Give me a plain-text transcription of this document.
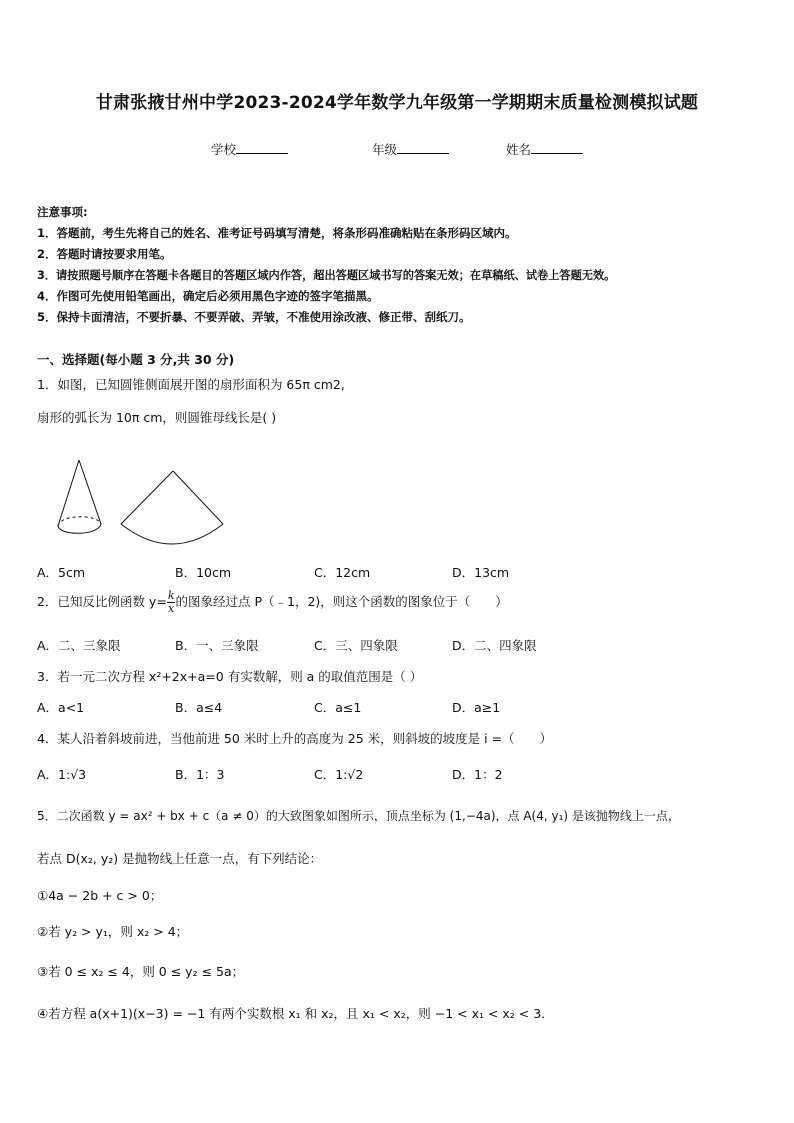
甘肃张掖甘州中学2023-2024学年数学九年级第一学期期末质量检测模拟试题
学校	年级	姓名
注意事项:
1．答题前，考生先将自己的姓名、准考证号码填写清楚，将条形码准确粘贴在条形码区域内。
2．答题时请按要求用笔。
3．请按照题号顺序在答题卡各题目的答题区域内作答，超出答题区域书写的答案无效；在草稿纸、试卷上答题无效。
4．作图可先使用铅笔画出，确定后必须用黑色字迹的签字笔描黑。
5．保持卡面清洁，不要折暴、不要弄破、弄皱，不准使用涂改液、修正带、刮纸刀。
一、选择题(每小题 3 分,共 30 分)
1．如图，已知圆锥侧面展开图的扇形面积为 65π cm2,
扇形的弧长为 10π cm，则圆锥母线长是( )
A．5cm	B．10cm	C．12cm	D．13cm
2．已知反比例函数 $y= \frac{k}{x}$ 的图象经过点 P（﹣1，2)，则这个函数的图象位于（　　）
A．二、三象限	B．一、三象限	C．三、四象限	D．二、四象限
3．若一元二次方程 x²+2x+a=0 有实数解，则 a 的取值范围是（ ）
A．a<1	B．a≤4	C．a≤1	D．a≥1
4．某人沿着斜坡前进，当他前进 50 米时上升的高度为 25 米，则斜坡的坡度是 i =（　　）
A．1:√3	B．1：3	C．1:√2	D．1：2
5．二次函数 y = ax² + bx + c（a ≠ 0）的大致图象如图所示，顶点坐标为 (1,−4a)，点 A(4, y₁) 是该抛物线上一点，
若点 D(x₂, y₂) 是抛物线上任意一点，有下列结论：
①4a − 2b + c > 0；
②若 y₂ > y₁，则 x₂ > 4；
③若 0 ≤ x₂ ≤ 4，则 0 ≤ y₂ ≤ 5a；
④若方程 a(x+1)(x−3) = −1 有两个实数根 x₁ 和 x₂，且 x₁ < x₂，则 −1 < x₁ < x₂ < 3．
